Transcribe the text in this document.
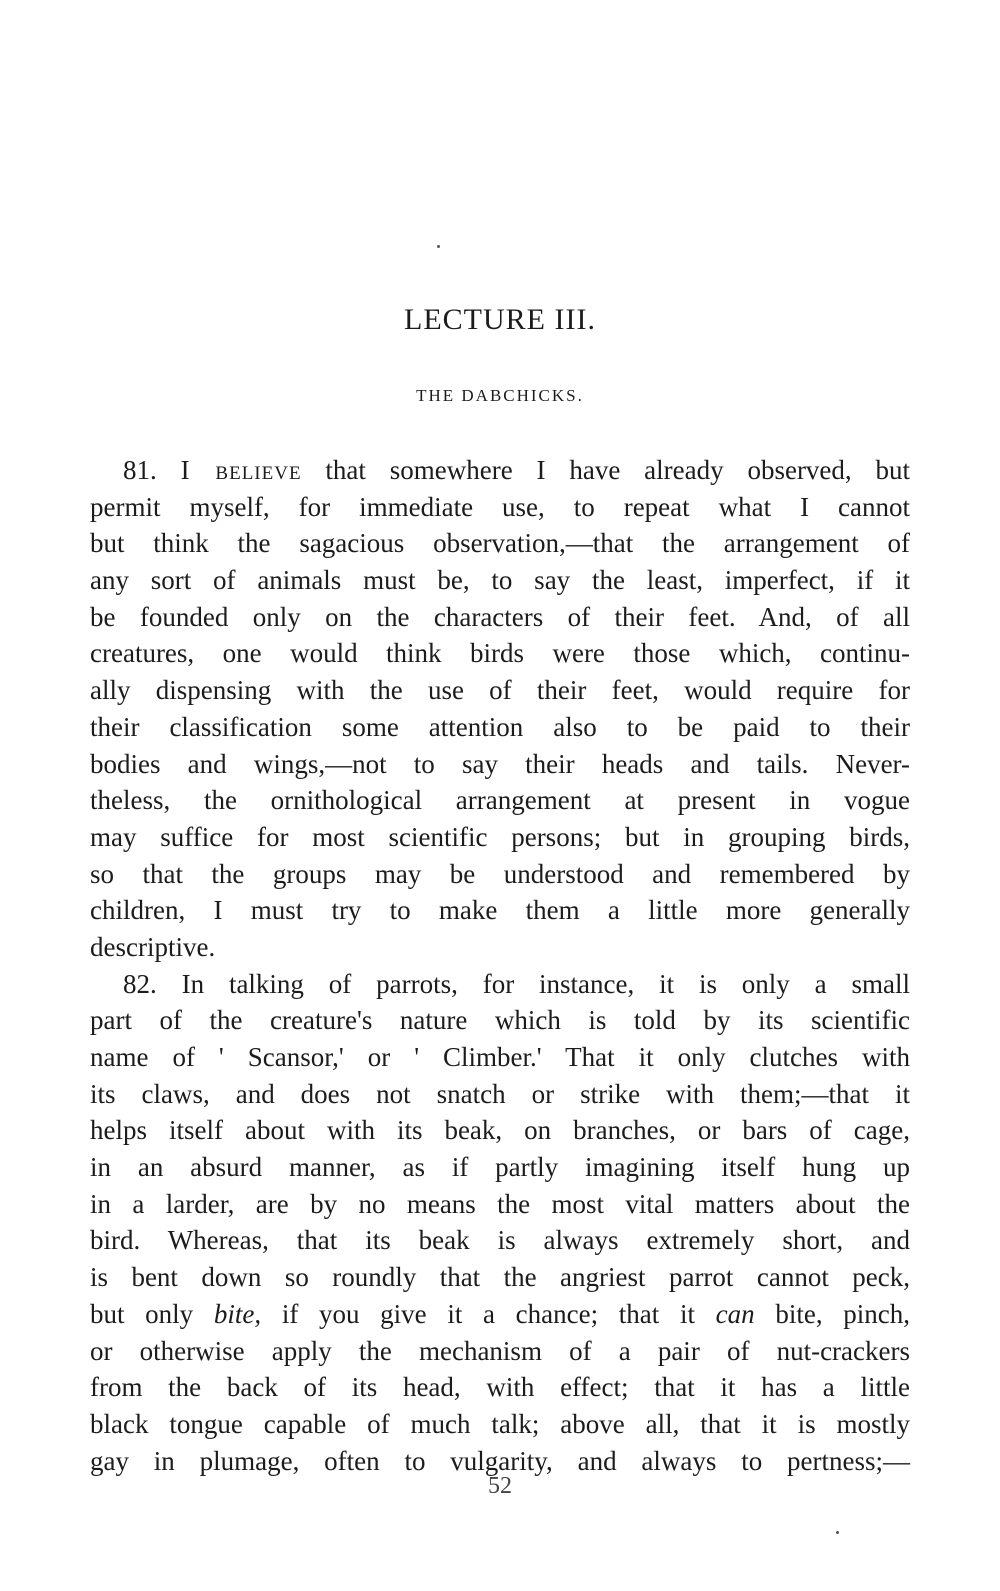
LECTURE III.
THE DABCHICKS.
81. I believe that somewhere I have already observed, but
permit myself, for immediate use, to repeat what I cannot
but think the sagacious observation,—that the arrangement of
any sort of animals must be, to say the least, imperfect, if it
be founded only on the characters of their feet. And, of all
creatures, one would think birds were those which, continu-
ally dispensing with the use of their feet, would require for
their classification some attention also to be paid to their
bodies and wings,—not to say their heads and tails. Never-
theless, the ornithological arrangement at present in vogue
may suffice for most scientific persons; but in grouping birds,
so that the groups may be understood and remembered by
children, I must try to make them a little more generally
descriptive.
82. In talking of parrots, for instance, it is only a small
part of the creature's nature which is told by its scientific
name of ' Scansor,' or ' Climber.' That it only clutches with
its claws, and does not snatch or strike with them;—that it
helps itself about with its beak, on branches, or bars of cage,
in an absurd manner, as if partly imagining itself hung up
in a larder, are by no means the most vital matters about the
bird. Whereas, that its beak is always extremely short, and
is bent down so roundly that the angriest parrot cannot peck,
but only bite, if you give it a chance; that it can bite, pinch,
or otherwise apply the mechanism of a pair of nut-crackers
from the back of its head, with effect; that it has a little
black tongue capable of much talk; above all, that it is mostly
gay in plumage, often to vulgarity, and always to pertness;—
52
